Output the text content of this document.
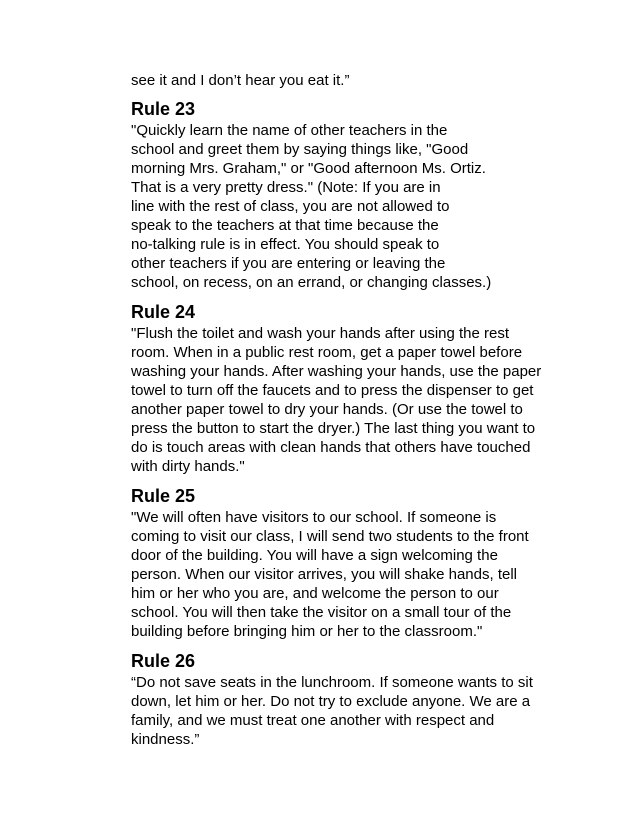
see it and I don’t hear you eat it.”
Rule 23
"Quickly learn the name of other teachers in the
school and greet them by saying things like, "Good
morning Mrs. Graham," or "Good afternoon Ms. Ortiz.
That is a very pretty dress." (Note: If you are in
line with the rest of class, you are not allowed to
speak to the teachers at that time because the
no-talking rule is in effect. You should speak to
other teachers if you are entering or leaving the
school, on recess, on an errand, or changing classes.)
Rule 24
"Flush the toilet and wash your hands after using the rest
room. When in a public rest room, get a paper towel before
washing your hands. After washing your hands, use the paper
towel to turn off the faucets and to press the dispenser to get
another paper towel to dry your hands. (Or use the towel to
press the button to start the dryer.) The last thing you want to
do is touch areas with clean hands that others have touched
with dirty hands."
Rule 25
"We will often have visitors to our school. If someone is
coming to visit our class, I will send two students to the front
door of the building. You will have a sign welcoming the
person. When our visitor arrives, you will shake hands, tell
him or her who you are, and welcome the person to our
school. You will then take the visitor on a small tour of the
building before bringing him or her to the classroom."
Rule 26
“Do not save seats in the lunchroom. If someone wants to sit
down, let him or her. Do not try to exclude anyone. We are a
family, and we must treat one another with respect and
kindness.”
